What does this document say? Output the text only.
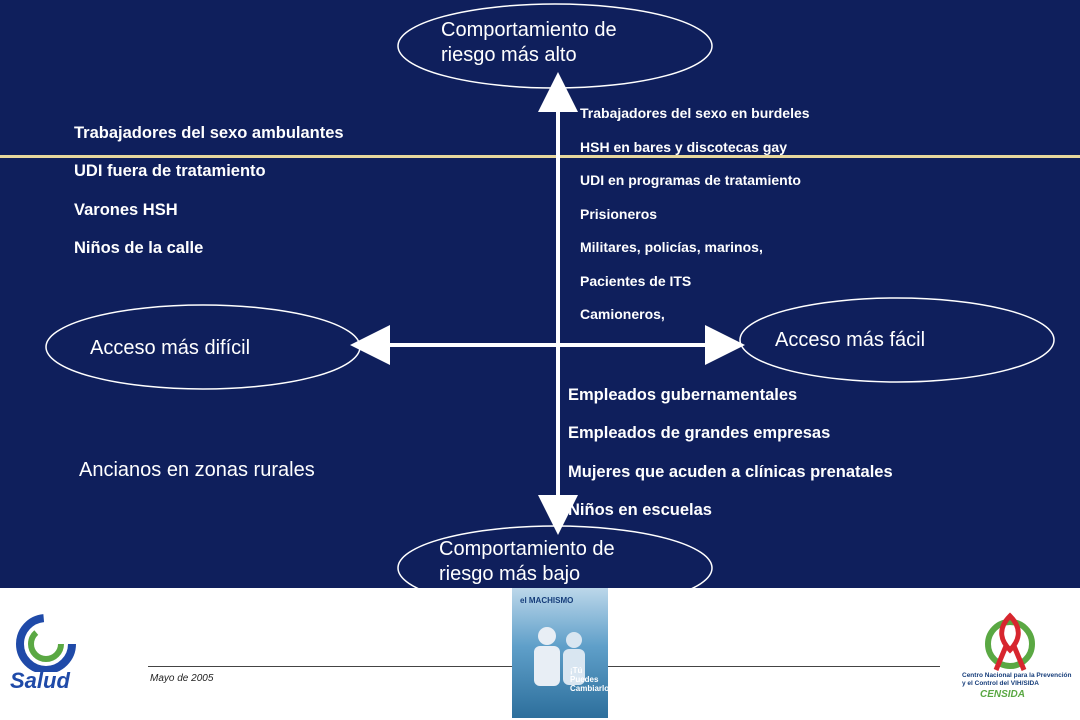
Comportamiento de riesgo más alto
Comportamiento de riesgo más bajo
Acceso más difícil	Acceso más fácil
Trabajadores del sexo ambulantes
UDI fuera de tratamiento
Varones HSH
Niños de la calle
Trabajadores del sexo en burdeles
HSH en bares y discotecas gay
UDI en programas de tratamiento
Prisioneros
Militares, policías, marinos,
Pacientes de ITS
Camioneros,
Empleados gubernamentales
Empleados de grandes empresas
Mujeres que acuden a clínicas prenatales
Niños en escuelas
Ancianos en zonas rurales
Mayo de 2005
Salud
el MACHISMO
¡Tú Puedes Cambiarlo!
Centro Nacional para la Prevención
y el Control del VIH/SIDA
CENSIDA
